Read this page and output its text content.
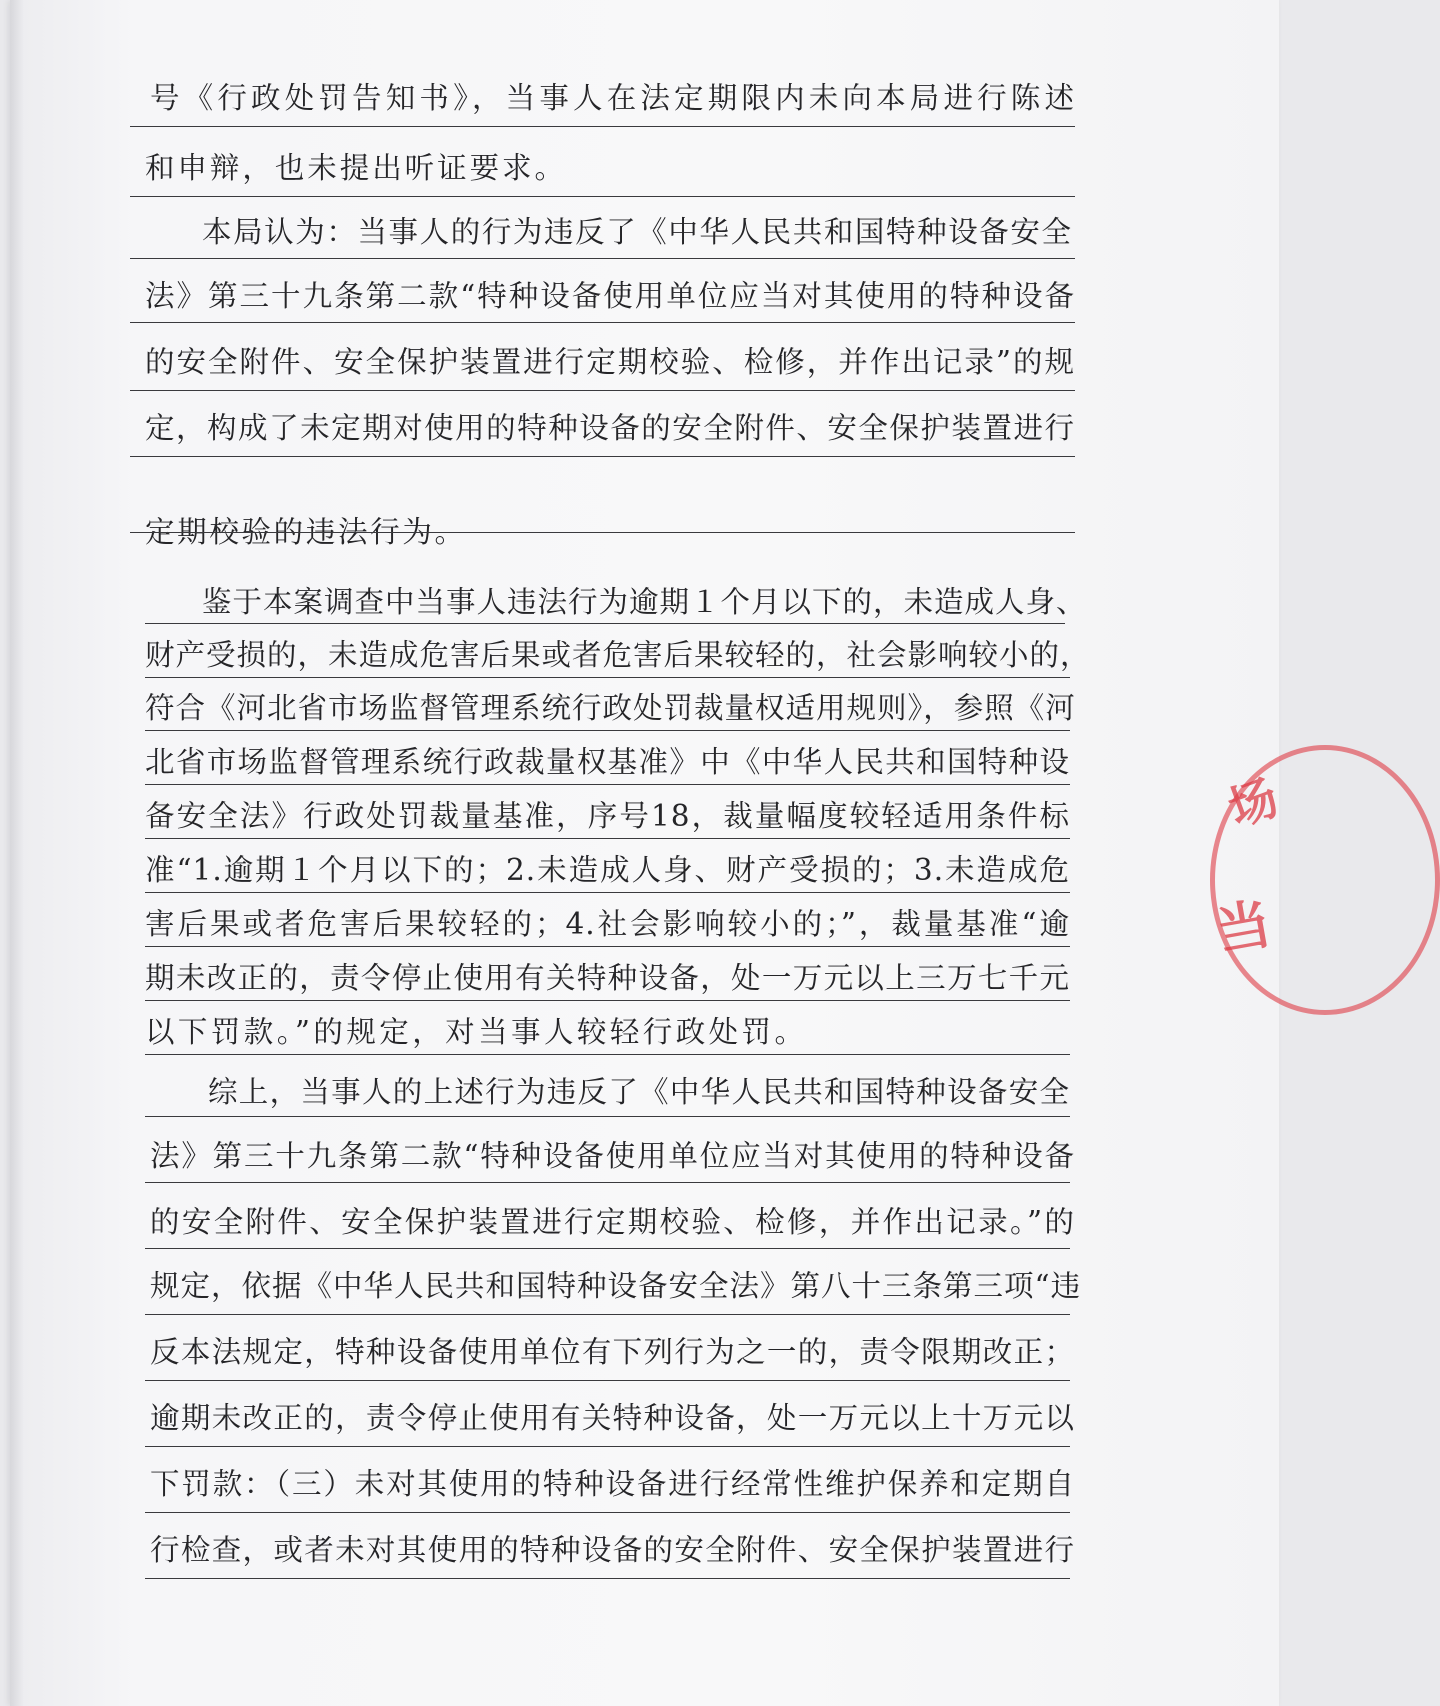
号《行政处罚告知书》，当事人在法定期限内未向本局进行陈述
和申辩，也未提出听证要求。
本局认为：当事人的行为违反了《中华人民共和国特种设备安全
法》第三十九条第二款“特种设备使用单位应当对其使用的特种设备
的安全附件、安全保护装置进行定期校验、检修，并作出记录”的规
定，构成了未定期对使用的特种设备的安全附件、安全保护装置进行
定期校验的违法行为。
鉴于本案调查中当事人违法行为逾期１个月以下的，未造成人身、
财产受损的，未造成危害后果或者危害后果较轻的，社会影响较小的，
符合《河北省市场监督管理系统行政处罚裁量权适用规则》，参照《河
北省市场监督管理系统行政裁量权基准》中《中华人民共和国特种设
备安全法》行政处罚裁量基准，序号18，裁量幅度较轻适用条件标
准“1.逾期１个月以下的；2.未造成人身、财产受损的；3.未造成危
害后果或者危害后果较轻的；4.社会影响较小的；”，裁量基准“逾
期未改正的，责令停止使用有关特种设备，处一万元以上三万七千元
以下罚款。”的规定，对当事人较轻行政处罚。
综上，当事人的上述行为违反了《中华人民共和国特种设备安全
法》第三十九条第二款“特种设备使用单位应当对其使用的特种设备
的安全附件、安全保护装置进行定期校验、检修，并作出记录。”的
规定，依据《中华人民共和国特种设备安全法》第八十三条第三项“违
反本法规定，特种设备使用单位有下列行为之一的，责令限期改正；
逾期未改正的，责令停止使用有关特种设备，处一万元以上十万元以
下罚款：（三）未对其使用的特种设备进行经常性维护保养和定期自
行检查，或者未对其使用的特种设备的安全附件、安全保护装置进行
场
当
